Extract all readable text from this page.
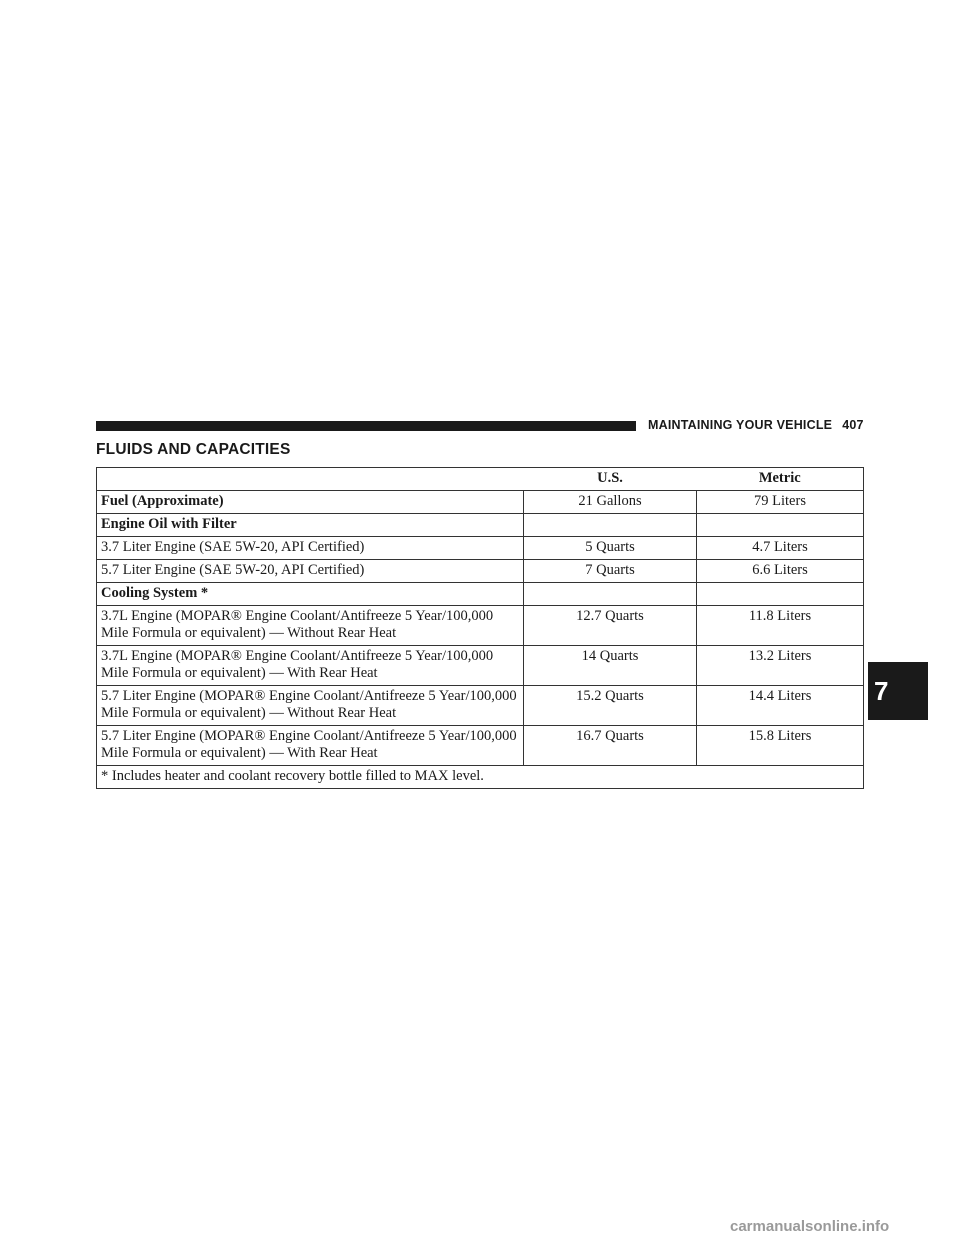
MAINTAINING YOUR VEHICLE 407
FLUIDS AND CAPACITIES
	U.S.	Metric
Fuel (Approximate)	21 Gallons	79 Liters
Engine Oil with Filter		
3.7 Liter Engine (SAE 5W-20, API Certified)	5 Quarts	4.7 Liters
5.7 Liter Engine (SAE 5W-20, API Certified)	7 Quarts	6.6 Liters
Cooling System *		
3.7L Engine (MOPAR® Engine Coolant/Antifreeze 5 Year/100,000 Mile Formula or equivalent) — Without Rear Heat	12.7 Quarts	11.8 Liters
3.7L Engine (MOPAR® Engine Coolant/Antifreeze 5 Year/100,000 Mile Formula or equivalent) — With Rear Heat	14 Quarts	13.2 Liters
5.7 Liter Engine (MOPAR® Engine Coolant/Antifreeze 5 Year/100,000 Mile Formula or equivalent) — Without Rear Heat	15.2 Quarts	14.4 Liters
5.7 Liter Engine (MOPAR® Engine Coolant/Antifreeze 5 Year/100,000 Mile Formula or equivalent) — With Rear Heat	16.7 Quarts	15.8 Liters
* Includes heater and coolant recovery bottle filled to MAX level.		
7
carmanualsonline.info
